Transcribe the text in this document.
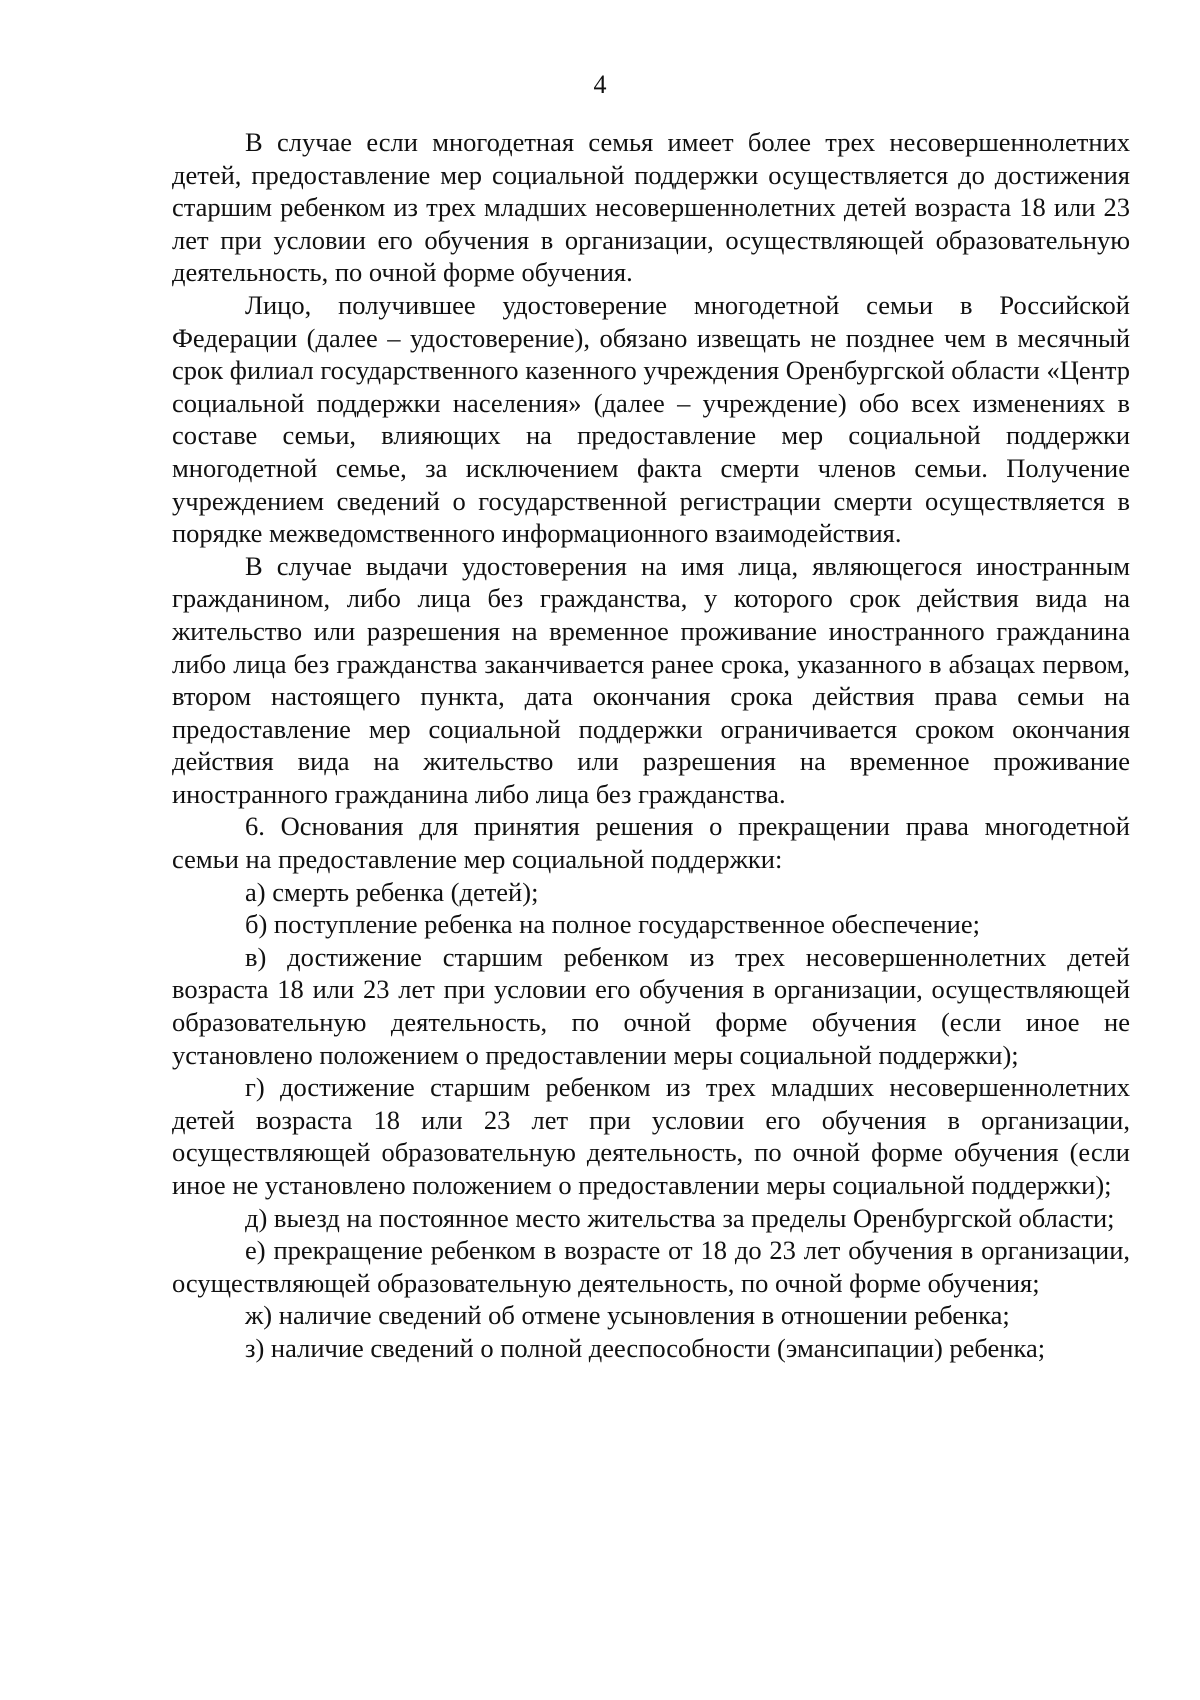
4

В случае если многодетная семья имеет более трех несовершеннолетних детей, предоставление мер социальной поддержки осуществляется до достижения старшим ребенком из трех младших несовершеннолетних детей возраста 18 или 23 лет при условии его обучения в организации, осуществляющей образовательную деятельность, по очной форме обучения.

Лицо, получившее удостоверение многодетной семьи в Российской Федерации (далее – удостоверение), обязано извещать не позднее чем в месячный срок филиал государственного казенного учреждения Оренбургской области «Центр социальной поддержки населения» (далее – учреждение) обо всех изменениях в составе семьи, влияющих на предоставление мер социальной поддержки многодетной семье, за исключением факта смерти членов семьи. Получение учреждением сведений о государственной регистрации смерти осуществляется в порядке межведомственного информационного взаимодействия.

В случае выдачи удостоверения на имя лица, являющегося иностранным гражданином, либо лица без гражданства, у которого срок действия вида на жительство или разрешения на временное проживание иностранного гражданина либо лица без гражданства заканчивается ранее срока, указанного в абзацах первом, втором настоящего пункта, дата окончания срока действия права семьи на предоставление мер социальной поддержки ограничивается сроком окончания действия вида на жительство или разрешения на временное проживание иностранного гражданина либо лица без гражданства.

6. Основания для принятия решения о прекращении права многодетной семьи на предоставление мер социальной поддержки:

а) смерть ребенка (детей);

б) поступление ребенка на полное государственное обеспечение;

в) достижение старшим ребенком из трех несовершеннолетних детей возраста 18 или 23 лет при условии его обучения в организации, осуществляющей образовательную деятельность, по очной форме обучения (если иное не установлено положением о предоставлении меры социальной поддержки);

г) достижение старшим ребенком из трех младших несовершеннолетних детей возраста 18 или 23 лет при условии его обучения в организации, осуществляющей образовательную деятельность, по очной форме обучения (если иное не установлено положением о предоставлении меры социальной поддержки);

д) выезд на постоянное место жительства за пределы Оренбургской области;

е) прекращение ребенком в возрасте от 18 до 23 лет обучения в организации, осуществляющей образовательную деятельность, по очной форме обучения;

ж) наличие сведений об отмене усыновления в отношении ребенка;

з) наличие сведений о полной дееспособности (эмансипации) ребенка;
